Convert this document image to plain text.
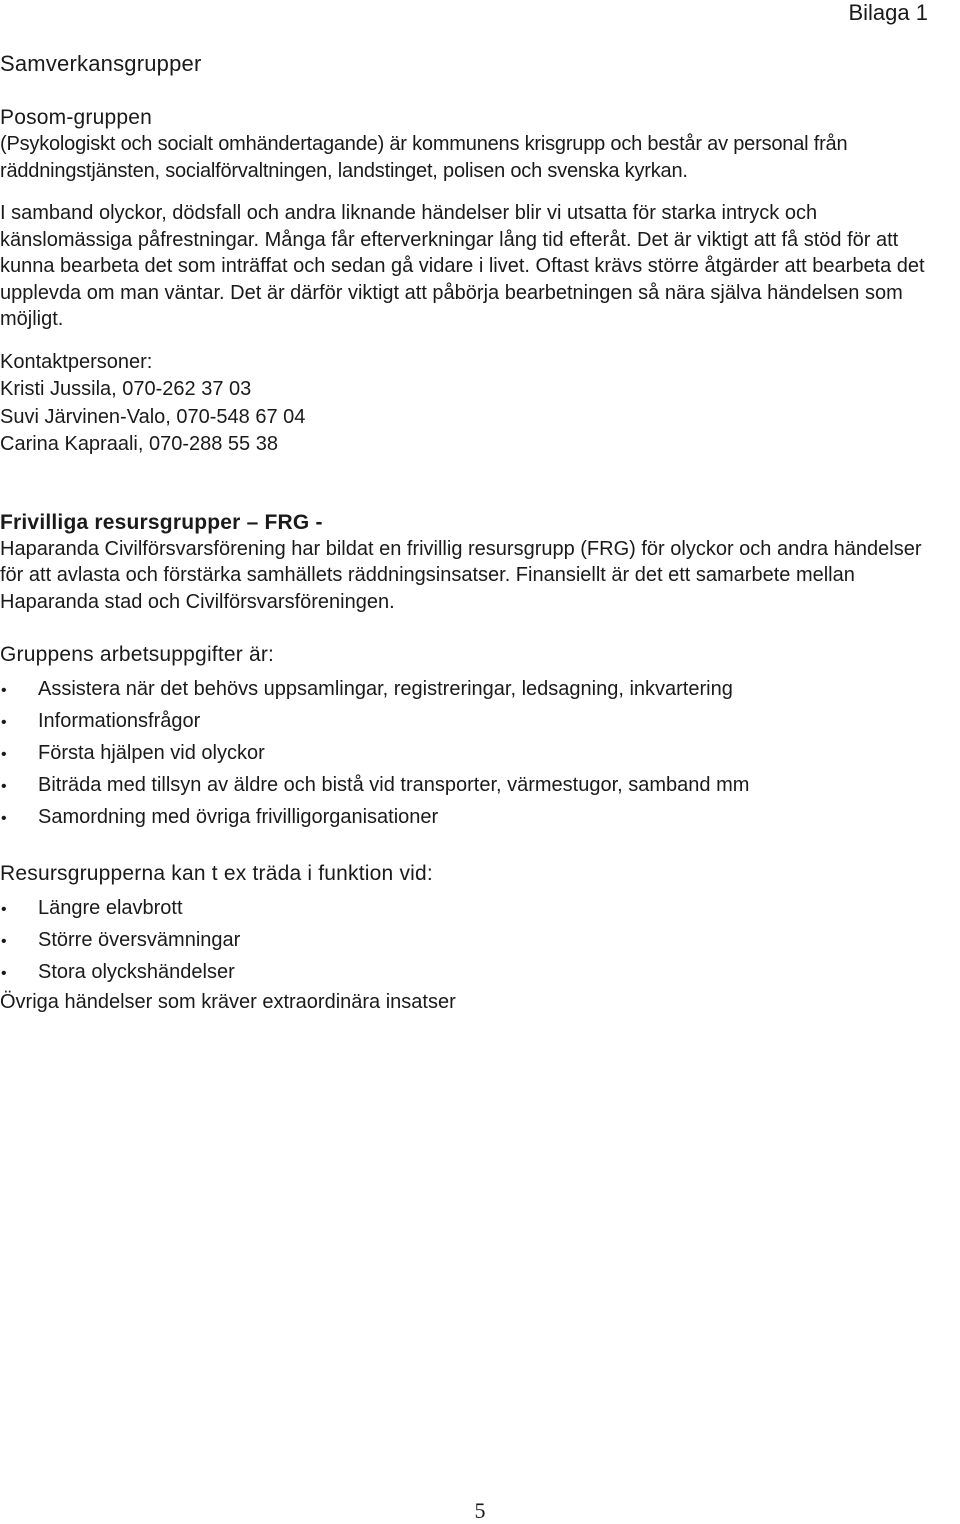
Bilaga 1
Samverkansgrupper
Posom-gruppen

(Psykologiskt och socialt omhändertagande) är kommunens krisgrupp och består av personal från räddningstjänsten, socialförvaltningen, landstinget, polisen och svenska kyrkan.

I samband olyckor, dödsfall och andra liknande händelser blir vi utsatta för starka intryck och känslomässiga påfrestningar. Många får efterverkningar lång tid efteråt. Det är viktigt att få stöd för att kunna bearbeta det som inträffat och sedan gå vidare i livet. Oftast krävs större åtgärder att bearbeta det upplevda om man väntar. Det är därför viktigt att påbörja bearbetningen så nära själva händelsen som möjligt.

Kontaktpersoner:
Kristi Jussila, 070-262 37 03
Suvi Järvinen-Valo, 070-548 67 04
Carina Kapraali, 070-288 55 38
Frivilliga resursgrupper – FRG -

Haparanda Civilförsvarsförening har bildat en frivillig resursgrupp (FRG) för olyckor och andra händelser för att avlasta och förstärka samhällets räddningsinsatser. Finansiellt är det ett samarbete mellan Haparanda stad och Civilförsvarsföreningen.

Gruppens arbetsuppgifter är:
•	Assistera när det behövs uppsamlingar, registreringar, ledsagning, inkvartering
•	Informationsfrågor
•	Första hjälpen vid olyckor
•	Biträda med tillsyn av äldre och bistå vid transporter, värmestugor, samband mm
•	Samordning med övriga frivilligorganisationer
Resursgrupperna kan t ex träda i funktion vid:
•	Längre elavbrott
•	Större översvämningar
•	Stora olyckshändelser

Övriga händelser som kräver extraordinära insatser

5
